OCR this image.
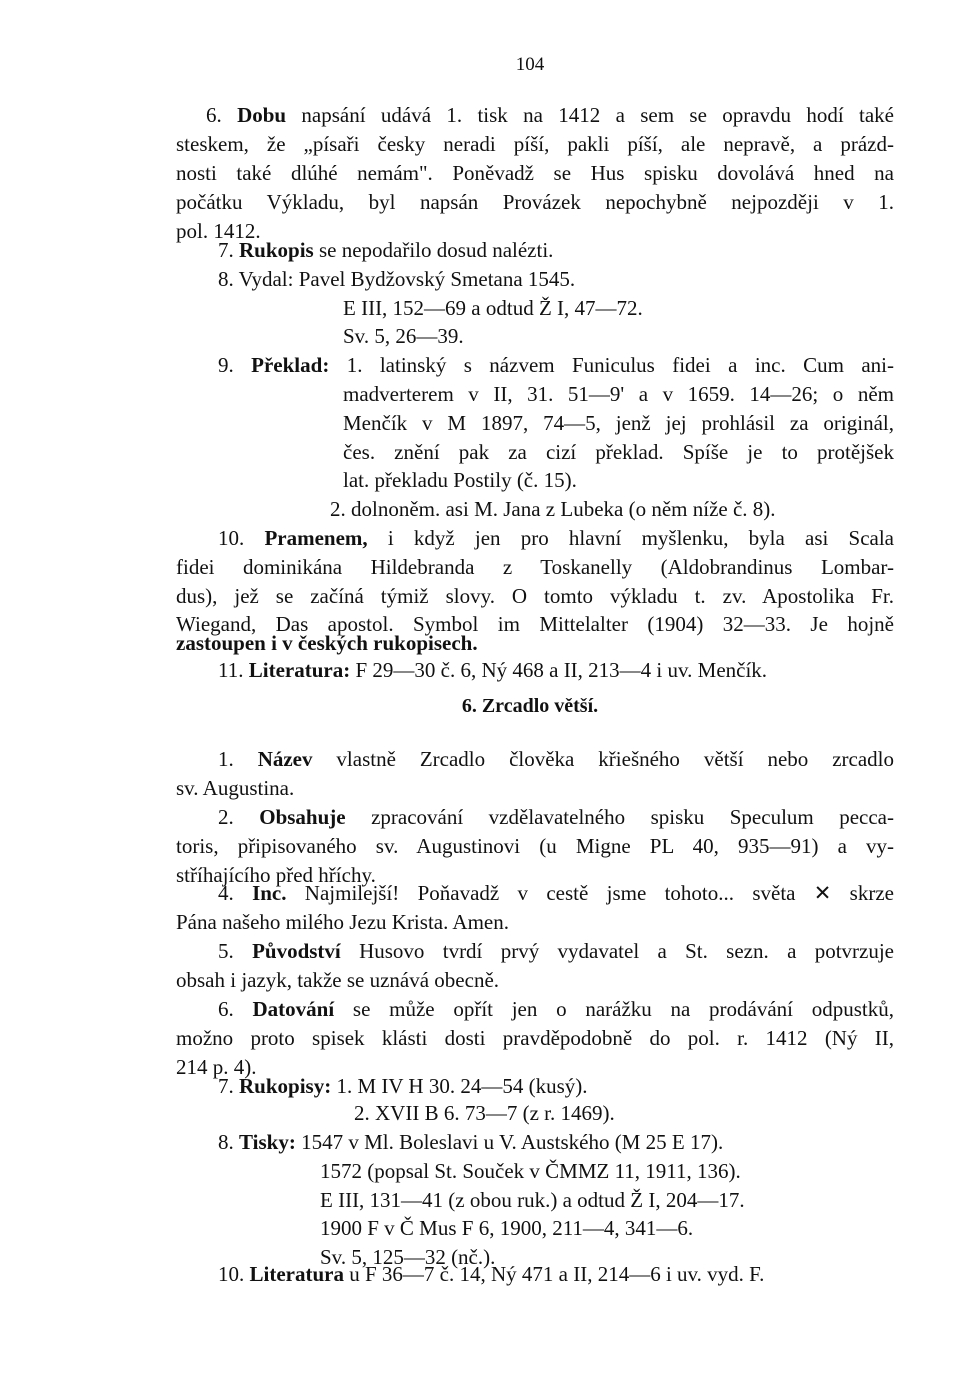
104
6. Dobu napsání udává 1. tisk na 1412 a sem se opravdu hodí také
steskem, že „písaři česky neradi píší, pakli píší, ale nepravě, a prázd-
nosti také dlúhé nemám". Poněvadž se Hus spisku dovolává hned na
počátku Výkladu, byl napsán Provázek nepochybně nejpozději v 1.
pol. 1412.
7. Rukopis se nepodařilo dosud nalézti.
8. Vydal: Pavel Bydžovský Smetana 1545.
E III, 152—69 a odtud Ž I, 47—72.
Sv. 5, 26—39.
9. Překlad: 1. latinský s názvem Funiculus fidei a inc. Cum ani-
madverterem v II, 31. 51—9' a v 1659. 14—26; o něm
Menčík v M 1897, 74—5, jenž jej prohlásil za originál,
čes. znění pak za cizí překlad. Spíše je to protějšek
lat. překladu Postily (č. 15).
2. dolnoněm. asi M. Jana z Lubeka (o něm níže č. 8).
10. Pramenem, i když jen pro hlavní myšlenku, byla asi Scala
fidei dominikána Hildebranda z Toskanelly (Aldobrandinus Lombar-
dus), jež se začíná týmiž slovy. O tomto výkladu t. zv. Apostolika Fr.
Wiegand, Das apostol. Symbol im Mittelalter (1904) 32—33. Je hojně
zastoupen i v českých rukopisech.
11. Literatura: F 29—30 č. 6, Ný 468 a II, 213—4 i uv. Menčík.
6. Zrcadlo větší.
1. Název vlastně Zrcadlo člověka křiešného větší nebo zrcadlo
sv. Augustina.
2. Obsahuje zpracování vzdělavatelného spisku Speculum pecca-
toris, připisovaného sv. Augustinovi (u Migne PL 40, 935—91) a vy-
stříhajícího před hříchy.
4. Inc. Najmilejší! Poňavadž v cestě jsme tohoto... světa ✕ skrze
Pána našeho milého Jezu Krista. Amen.
5. Původství Husovo tvrdí prvý vydavatel a St. sezn. a potvrzuje
obsah i jazyk, takže se uznává obecně.
6. Datování se může opřít jen o narážku na prodávání odpustků,
možno proto spisek klásti dosti pravděpodobně do pol. r. 1412 (Ný II,
214 p. 4).
7. Rukopisy: 1. M IV H 30. 24—54 (kusý).
2. XVII B 6. 73—7 (z r. 1469).
8. Tisky: 1547 v Ml. Boleslavi u V. Austského (M 25 E 17).
1572 (popsal St. Souček v ČMMZ 11, 1911, 136).
E III, 131—41 (z obou ruk.) a odtud Ž I, 204—17.
1900 F v Č Mus F 6, 1900, 211—4, 341—6.
Sv. 5, 125—32 (nč.).
10. Literatura u F 36—7 č. 14, Ný 471 a II, 214—6 i uv. vyd. F.
